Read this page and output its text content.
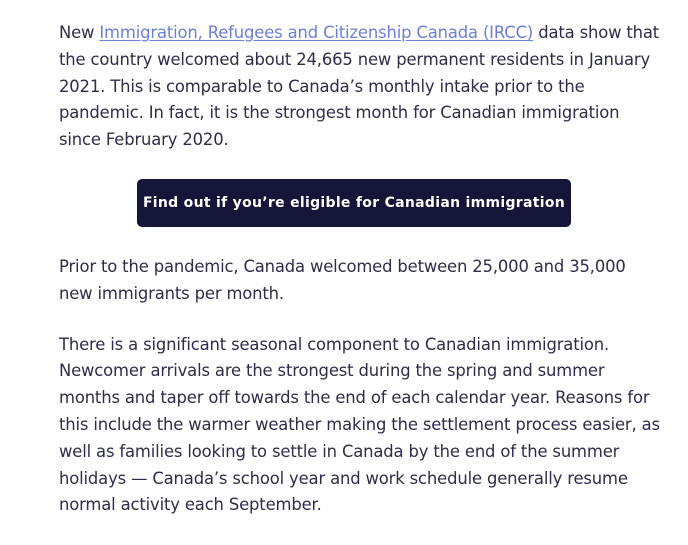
New Immigration, Refugees and Citizenship Canada (IRCC) data show that the country welcomed about 24,665 new permanent residents in January 2021. This is comparable to Canada’s monthly intake prior to the pandemic. In fact, it is the strongest month for Canadian immigration since February 2020.

Find out if you’re eligible for Canadian immigration

Prior to the pandemic, Canada welcomed between 25,000 and 35,000 new immigrants per month.

There is a significant seasonal component to Canadian immigration. Newcomer arrivals are the strongest during the spring and summer months and taper off towards the end of each calendar year. Reasons for this include the warmer weather making the settlement process easier, as well as families looking to settle in Canada by the end of the summer holidays — Canada’s school year and work schedule generally resume normal activity each September.
